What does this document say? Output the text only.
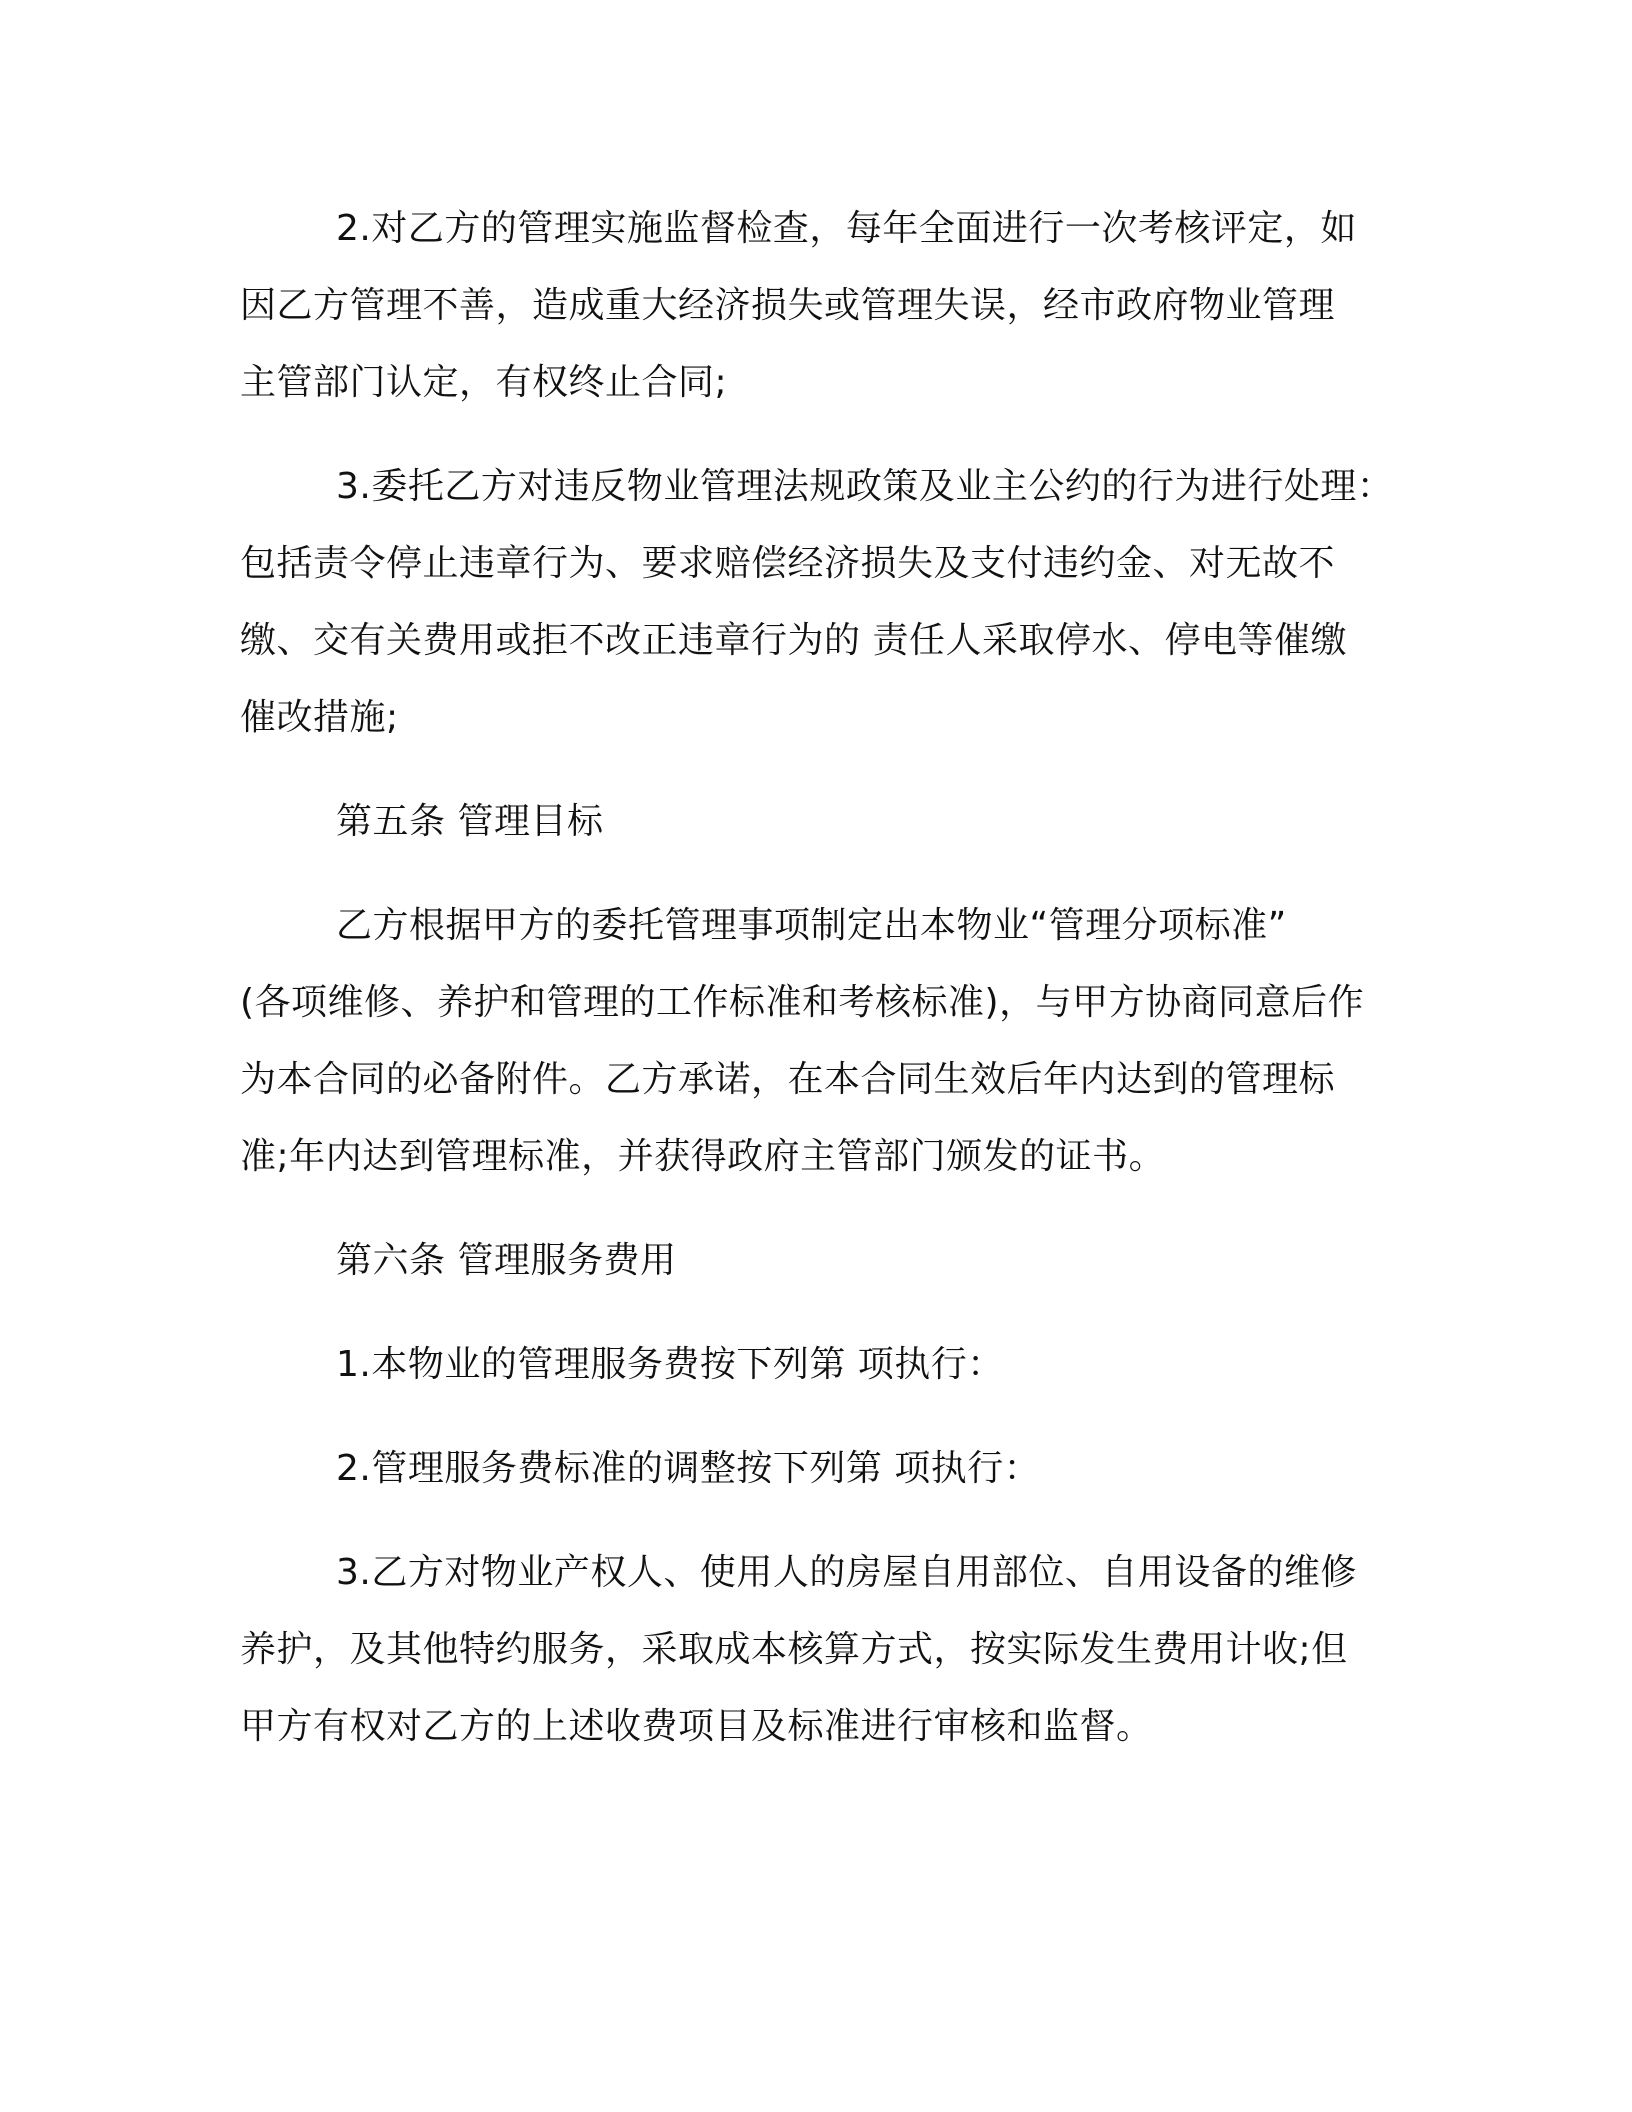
2.对乙方的管理实施监督检查，每年全面进行一次考核评定，如
因乙方管理不善，造成重大经济损失或管理失误，经市政府物业管理
主管部门认定，有权终止合同;

3.委托乙方对违反物业管理法规政策及业主公约的行为进行处理：
包括责令停止违章行为、要求赔偿经济损失及支付违约金、对无故不
缴、交有关费用或拒不改正违章行为的 责任人采取停水、停电等催缴
催改措施;

第五条 管理目标

乙方根据甲方的委托管理事项制定出本物业“管理分项标准”
(各项维修、养护和管理的工作标准和考核标准)，与甲方协商同意后作
为本合同的必备附件。乙方承诺，在本合同生效后年内达到的管理标
准;年内达到管理标准，并获得政府主管部门颁发的证书。

第六条 管理服务费用

1.本物业的管理服务费按下列第 项执行：

2.管理服务费标准的调整按下列第 项执行：

3.乙方对物业产权人、使用人的房屋自用部位、自用设备的维修
养护，及其他特约服务，采取成本核算方式，按实际发生费用计收;但
甲方有权对乙方的上述收费项目及标准进行审核和监督。
